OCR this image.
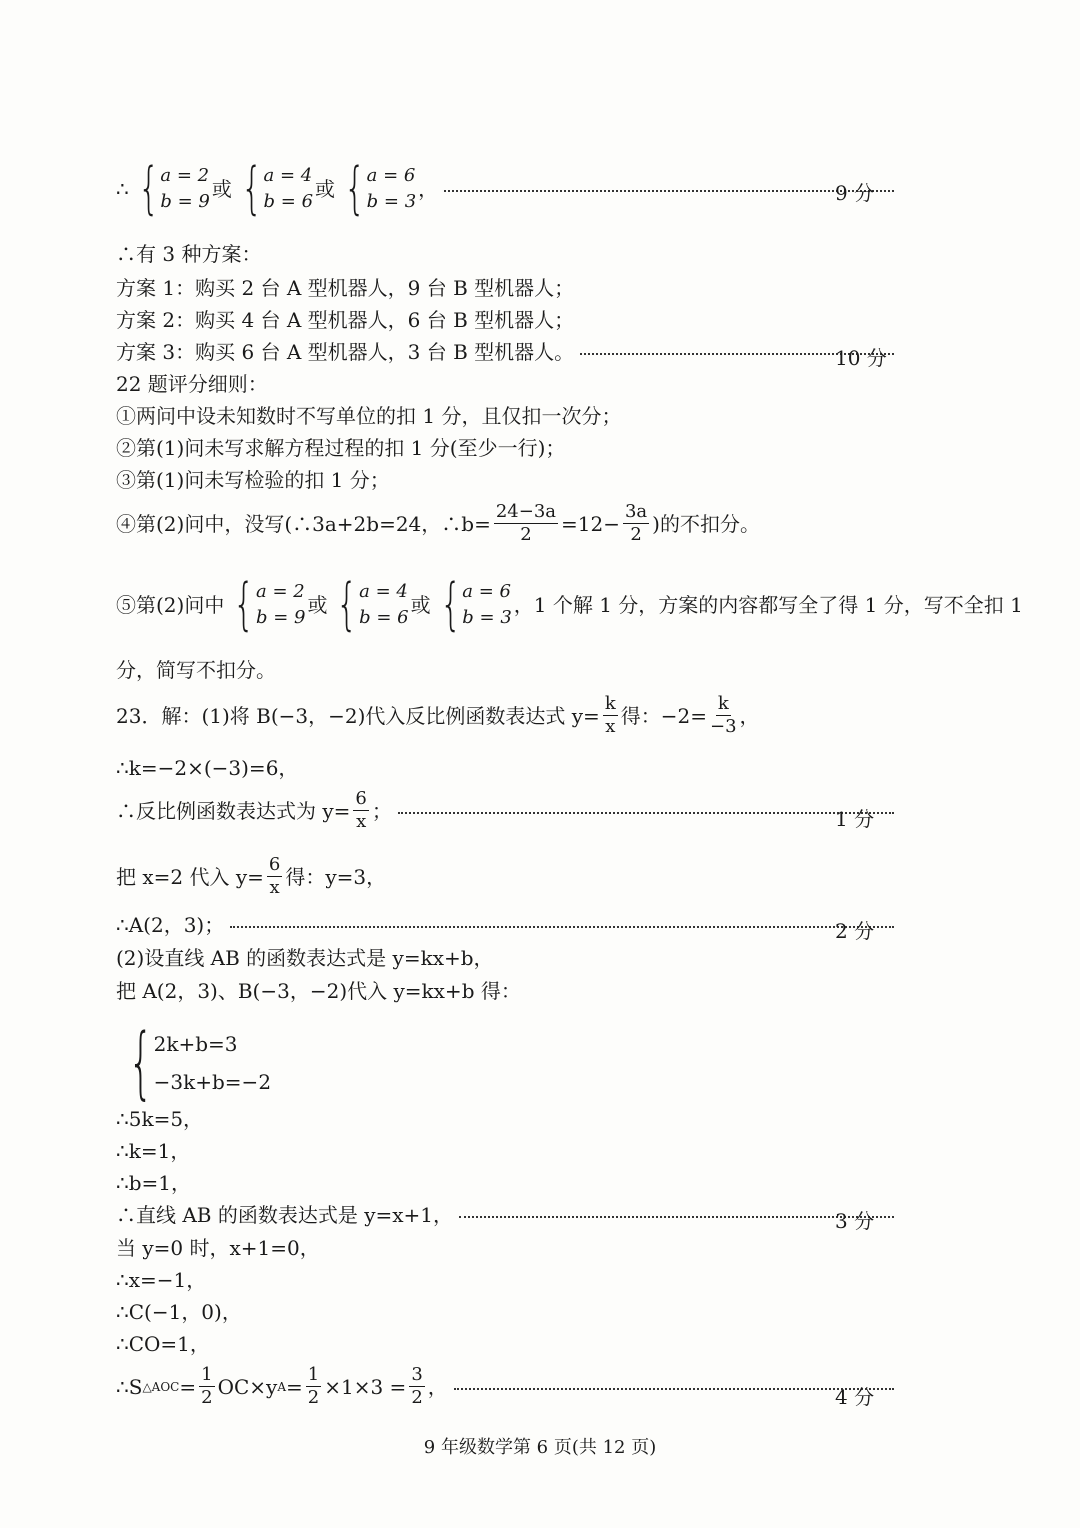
∴ { a = 2
b = 9
或 { a = 4
b = 6
或 { a = 6
b = 3
，	9 分
∴有 3 种方案：
方案 1：购买 2 台 A 型机器人，9 台 B 型机器人；
方案 2：购买 4 台 A 型机器人，6 台 B 型机器人；
方案 3：购买 6 台 A 型机器人，3 台 B 型机器人。	10 分
22 题评分细则：
①两问中设未知数时不写单位的扣 1 分，且仅扣一次分；
②第(1)问未写求解方程过程的扣 1 分(至少一行)；
③第(1)问未写检验的扣 1 分；
④第(2)问中，没写(∴3a+2b=24，∴b= $\frac{24-3a}{2} =12- \frac{3a}{2}$ )的不扣分。
⑤第(2)问中 { a = 2
b = 9
或 { a = 4
b = 6
或 { a = 6
b = 3
，1 个解 1 分，方案的内容都写全了得 1 分，写不全扣 1
分，简写不扣分。
23．解：(1)将 B(−3，−2)代入反比例函数表达式 $y= \frac{k}{x}$ 得：$-2= \frac{k}{-3}$ ，
∴k=−2×(−3)=6，
∴反比例函数表达式为 $y= \frac{6}{x}$ ；	1 分
把 x=2 代入 $y= \frac{6}{x}$ 得：y=3，
∴A(2，3)；	2 分
(2)设直线 AB 的函数表达式是 y=kx+b，
把 A(2，3)、B(−3，−2)代入 y=kx+b 得：
{ 2k+b=3
−3k+b=−2
∴5k=5，
∴k=1，
∴b=1，
∴直线 AB 的函数表达式是 y=x+1，	3 分
当 y=0 时，x+1=0，
∴x=−1，
∴C(−1，0)，
∴CO=1，
∴S △AOC = $\frac{1}{2} OC\times y$ $A = \frac{1}{2} \times 1\times 3 = \frac{3}{2}$ ，	4 分
9 年级数学第 6 页(共 12 页)
